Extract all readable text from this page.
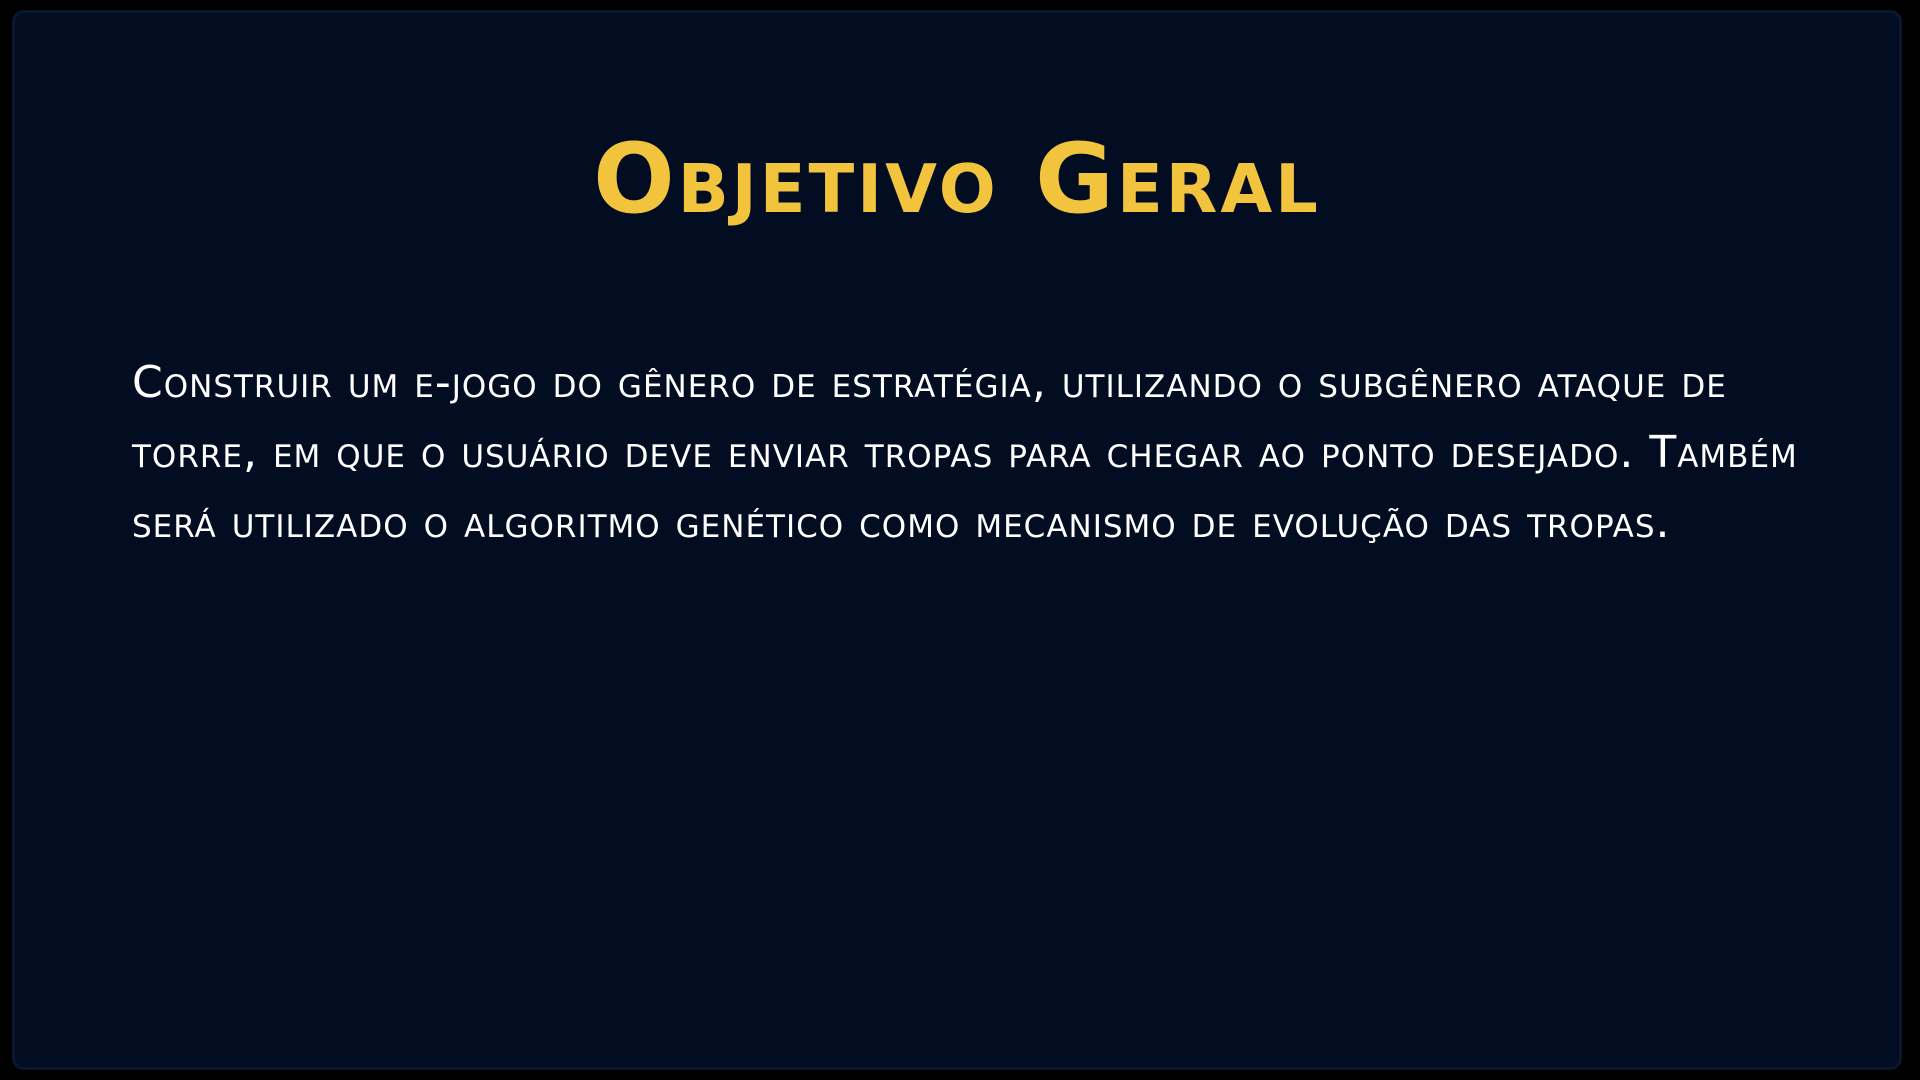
Objetivo Geral

Construir um e-jogo do gênero de estratégia, utilizando o subgênero ataque de

torre, em que o usuário deve enviar tropas para chegar ao ponto desejado. Também

será utilizado o algoritmo genético como mecanismo de evolução das tropas.
